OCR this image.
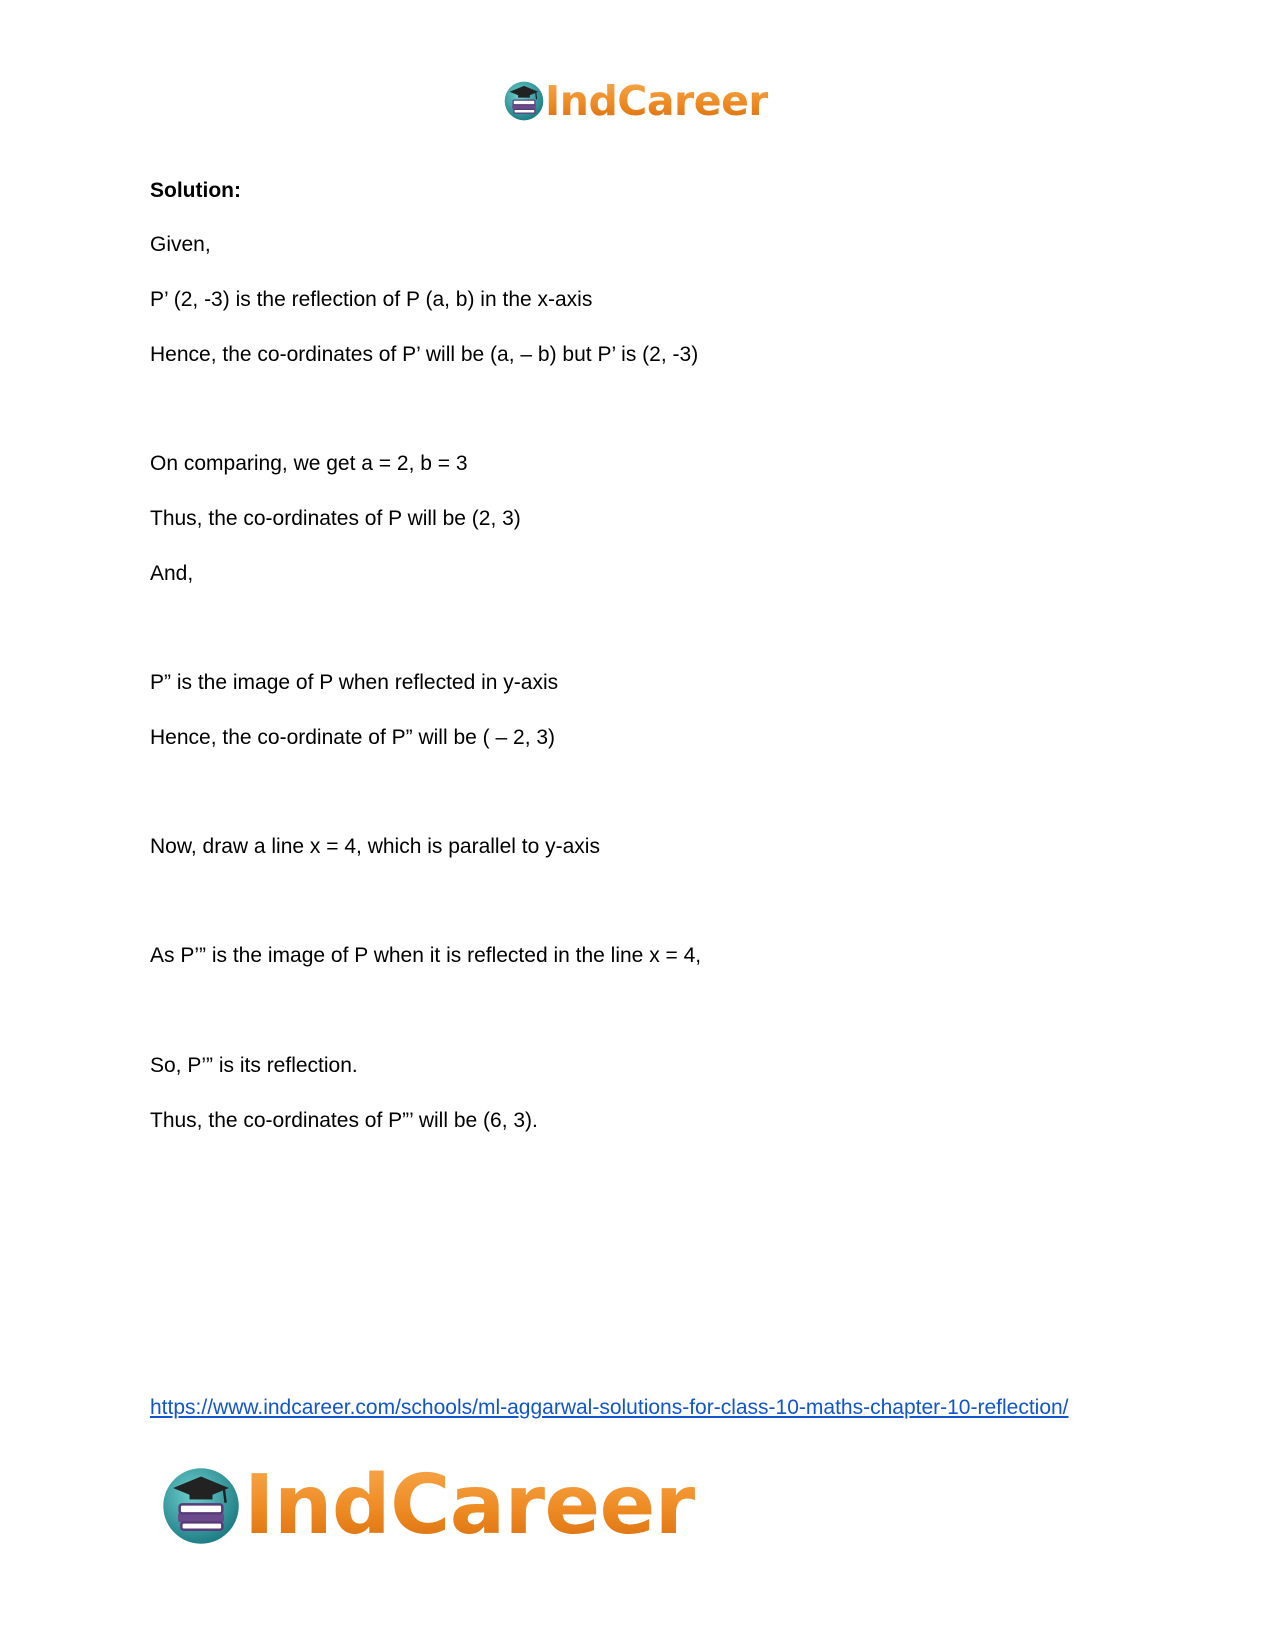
IndCareer

Solution:

Given,

P’ (2, -3) is the reflection of P (a, b) in the x-axis

Hence, the co-ordinates of P’ will be (a, – b) but P’ is (2, -3)

On comparing, we get a = 2, b = 3

Thus, the co-ordinates of P will be (2, 3)

And,

P” is the image of P when reflected in y-axis

Hence, the co-ordinate of P” will be ( – 2, 3)

Now, draw a line x = 4, which is parallel to y-axis

As P’” is the image of P when it is reflected in the line x = 4,

So, P’” is its reflection.

Thus, the co-ordinates of P”’ will be (6, 3).

https://www.indcareer.com/schools/ml-aggarwal-solutions-for-class-10-maths-chapter-10-reflection/
IndCareer
